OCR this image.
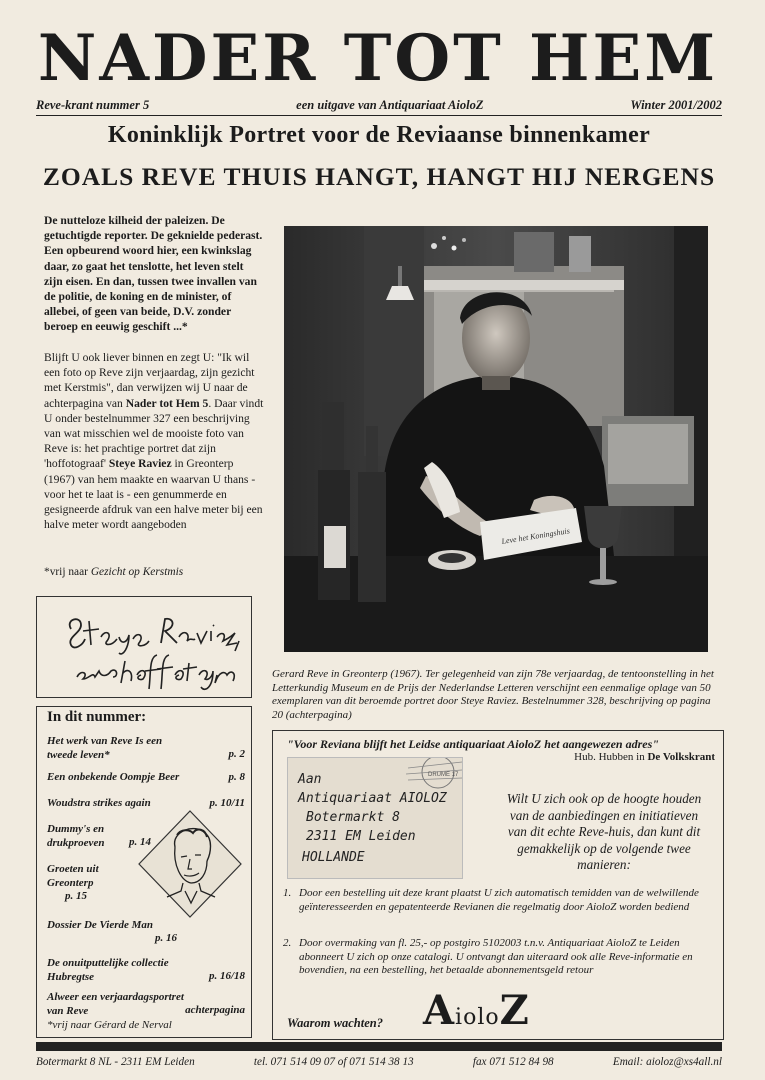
NADER TOT HEM
Reve-krant nummer 5	een uitgave van Antiquariaat AioloZ	Winter 2001/2002
Koninklijk Portret voor de Reviaanse binnenkamer
ZOALS REVE THUIS HANGT, HANGT HIJ NERGENS
De nutteloze kilheid der paleizen. De getuchtigde reporter. De geknielde pederast. Een opbeurend woord hier, een kwinkslag daar, zo gaat het tenslotte, het leven stelt zijn eisen. En dan, tussen twee invallen van de politie, de koning en de minister, of allebei, of geen van beide, D.V. zonder beroep en eeuwig geschift ...*
Blijft U ook liever binnen en zegt U: "Ik wil een foto op Reve zijn verjaardag, zijn gezicht met Kerstmis", dan verwijzen wij U naar de achterpagina van Nader tot Hem 5. Daar vindt U onder bestelnummer 327 een beschrijving van wat misschien wel de mooiste foto van Reve is: het prachtige portret dat zijn 'hoffotograaf' Steye Raviez in Greonterp (1967) van hem maakte en waarvan U thans - voor het te laat is - een genummerde en gesigneerde afdruk van een halve meter bij een halve meter wordt aangeboden
*vrij naar Gezicht op Kerstmis
Leve het Koningshuis
Gerard Reve in Greonterp (1967). Ter gelegenheid van zijn 78e verjaardag, de tentoonstelling in het Letterkundig Museum en de Prijs der Nederlandse Letteren verschijnt een eenmalige oplage van 50 exemplaren van dit beroemde portret door Steye Raviez. Bestelnummer 328, beschrijving op pagina 20 (achterpagina)
In dit nummer:
Het werk van Reve Is een tweede leven*	p. 2
Een onbekende Oompje Beer	p. 8
Woudstra strikes again	p. 10/11
Dummy's en drukproeven p. 14
Groeten uit Greonterp
p. 15
Dossier De Vierde Man
p. 16
De onuitputtelijke collectie Hubregtse	p. 16/18
Alweer een verjaardagsportret van Reve	achterpagina
*vrij naar Gérard de Nerval
"Voor Reviana blijft het Leidse antiquariaat AioloZ het aangewezen adres"
Hub. Hubben in De Volkskrant
DRUME 17
Aan
Antiquariaat AIOLOZ
Botermarkt 8
2311 EM Leiden
HOLLANDE
Wilt U zich ook op de hoogte houden van de aanbiedingen en initiatieven van dit echte Reve-huis, dan kunt dit gemakkelijk op de volgende twee manieren:
1. Door een bestelling uit deze krant plaatst U zich automatisch temidden van de welwillende geïnteresseerden en gepatenteerde Revianen die regelmatig door AioloZ worden bediend
2. Door overmaking van fl. 25,- op postgiro 5102003 t.n.v. Antiquariaat AioloZ te Leiden abonneert U zich op onze catalogi. U ontvangt dan uiteraard ook alle Reve-informatie en bovendien, na een bestelling, het betaalde abonnementsgeld retour
Waarom wachten? AioloZ
Botermarkt 8 NL - 2311 EM Leiden	tel. 071 514 09 07 of 071 514 38 13	fax 071 512 84 98	Email: aioloz@xs4all.nl
